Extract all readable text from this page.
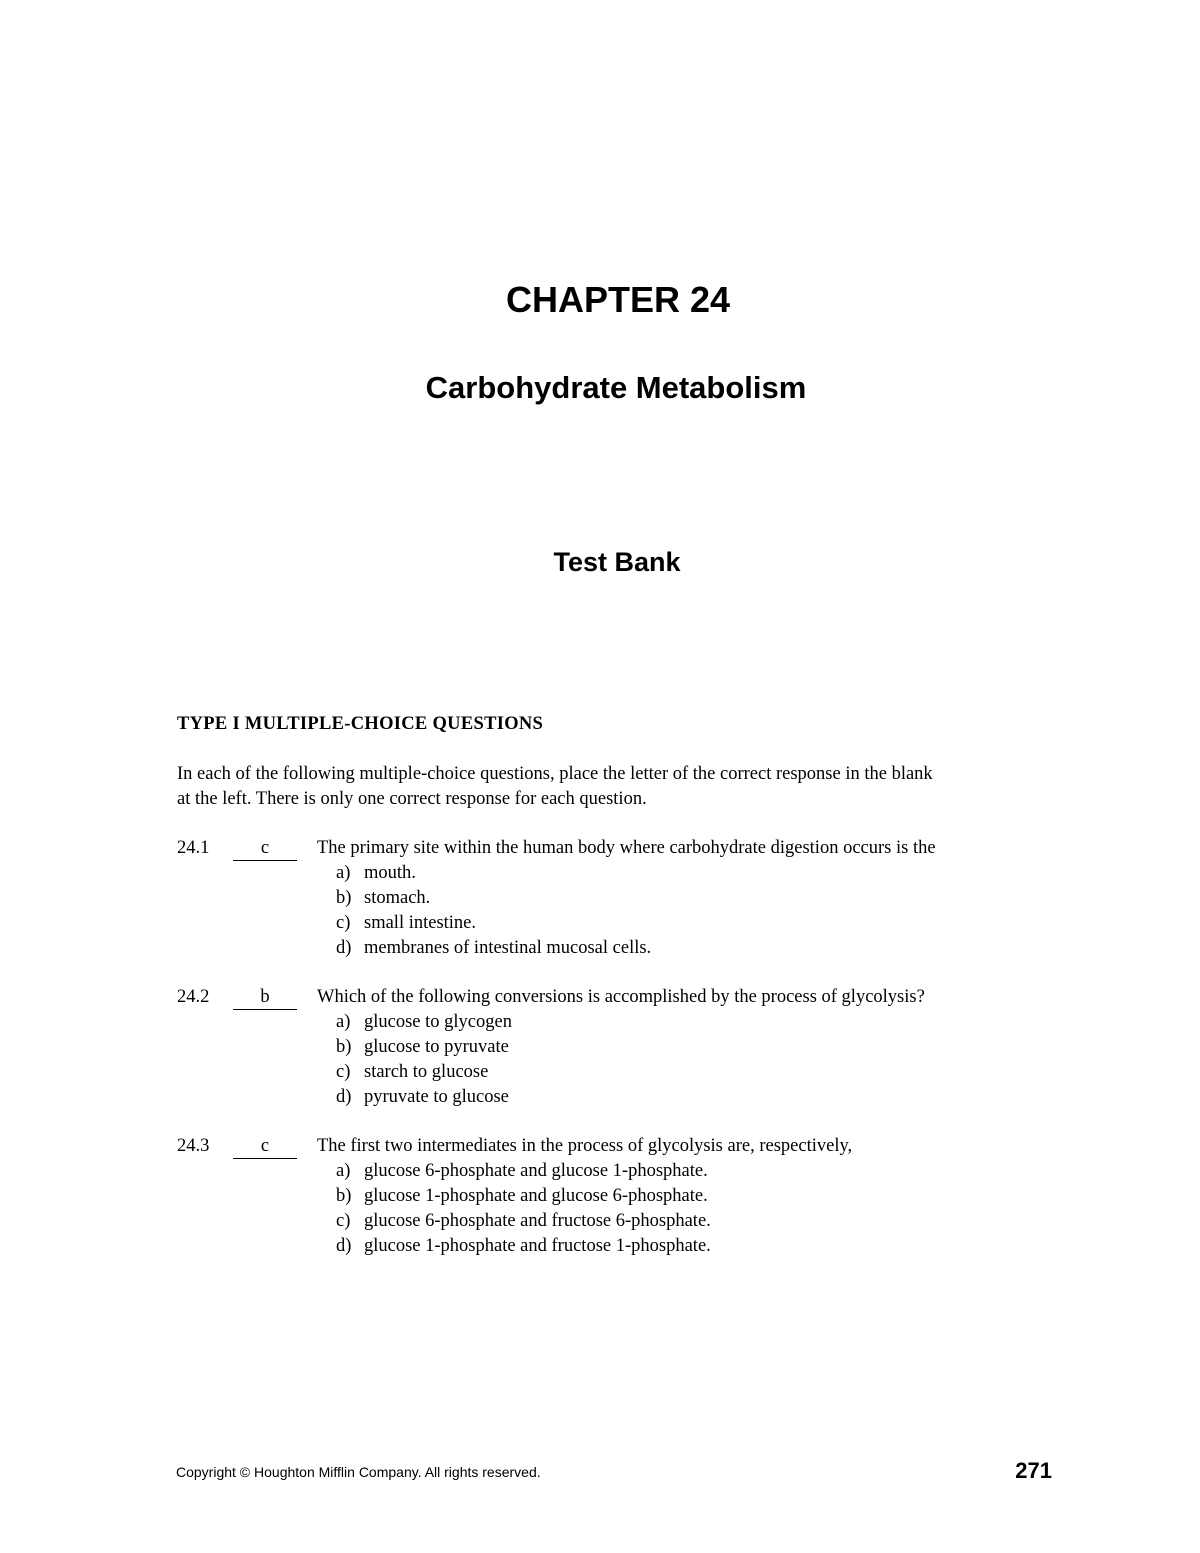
CHAPTER 24
Carbohydrate Metabolism
Test Bank
TYPE I MULTIPLE-CHOICE QUESTIONS
In each of the following multiple-choice questions, place the letter of the correct response in the blank
at the left. There is only one correct response for each question.
24.1	c	The primary site within the human body where carbohydrate digestion occurs is the
a) mouth.
b) stomach.
c) small intestine.
d) membranes of intestinal mucosal cells.
24.2	b	Which of the following conversions is accomplished by the process of glycolysis?
a) glucose to glycogen
b) glucose to pyruvate
c) starch to glucose
d) pyruvate to glucose
24.3	c	The first two intermediates in the process of glycolysis are, respectively,
a) glucose 6-phosphate and glucose 1-phosphate.
b) glucose 1-phosphate and glucose 6-phosphate.
c) glucose 6-phosphate and fructose 6-phosphate.
d) glucose 1-phosphate and fructose 1-phosphate.
Copyright © Houghton Mifflin Company. All rights reserved.	271
